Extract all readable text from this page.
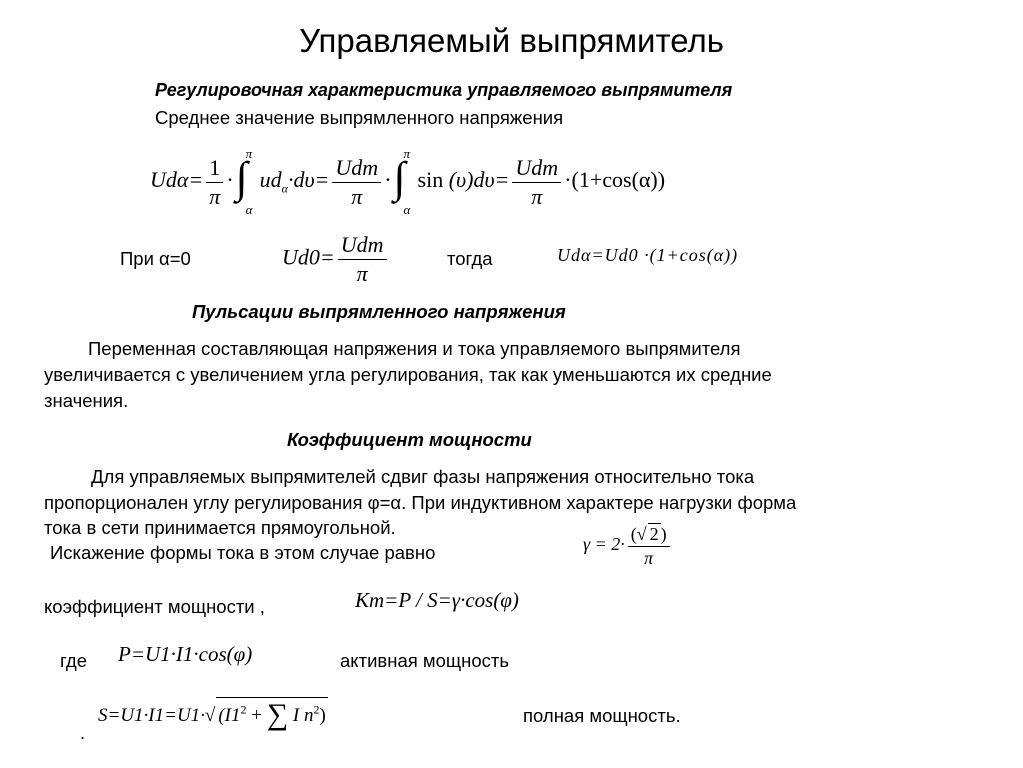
Управляемый выпрямитель
Регулировочная характеристика управляемого выпрямителя
Среднее значение выпрямленного напряжения
$Ud\alpha= \frac{1}{\pi}$ ·
π
∫
α
$ud_\alpha\cdot d\upsilon= \frac{\text{Udm}}{\pi}$ ·
π
∫
α
$\sin (\upsilon)d\upsilon= \frac{\text{Udm}}{\pi} \cdot(1+\cos(\alpha))$
При α=0	$Ud0= \frac{\text{Udm}}{\pi}$	тогда	Udα=Ud0 ·(1+cos(α))
Пульсации выпрямленного напряжения
Переменная составляющая напряжения и тока управляемого выпрямителя
увеличивается с увеличением угла регулирования, так как уменьшаются их средние
значения.
Коэффициент мощности
Для управляемых выпрямителей сдвиг фазы напряжения относительно тока
пропорционален углу регулирования φ=α. При индуктивном характере нагрузки форма
тока в сети принимается прямоугольной.
Искажение формы тока в этом случае равно	$\gamma = 2\cdot \frac{(√ 2 )}{\pi}$
коэффициент мощности ,	Km=P / S=γ·cos(φ)
где P=U1·I1·cos(φ)	активная мощность
S=U1·I1=U1·√ ($I1^2$ + ∑ I $n^2$)	полная мощность.
.
